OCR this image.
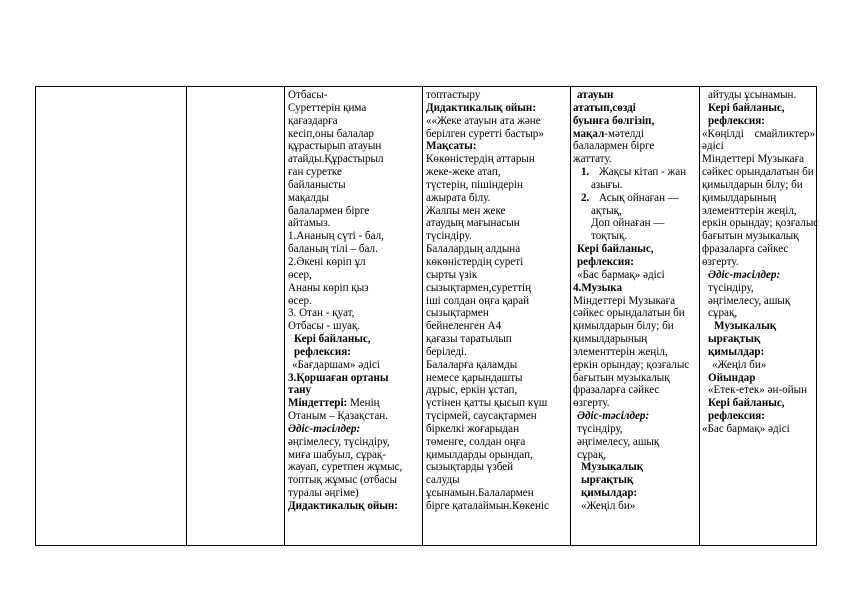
Отбасы-
Суреттерін қима
қағаздарға
кесіп,оны балалар
құрастырып атауын
атайды.Құрастырыл
ған суретке
байланысты
мақалды
балалармен бірге
айтамыз.
1.Ананың сүті - бал,
баланың тілі – бал.
2.Әкені көріп ұл
өсер,
Ананы көріп қыз
өсер.
3. Отан - қуат,
Отбасы - шуақ.
Кері байланыс,
рефлексия:
«Бағдаршам» әдісі
3.Қоршаған ортаны
тану
Міндеттері: Менің
Отаным – Қазақстан.
Әдіс-тәсілдер:
әңгімелесу, түсіндіру,
миға шабуыл, сұрақ-
жауап, суретпен жұмыс,
топтық жұмыс (отбасы
туралы әңгіме)
Дидактикалық ойын:
топтастыру
Дидактикалық ойын:
««Жеке атауын ата және
берілген суретті бастыр»
Мақсаты:
Көкөністердің аттарын
жеке-жеке атап,
түстерін, пішіндерін
ажырата білу.
Жалпы мен жеке
атаудың мағынасын
түсіндіру.
Балалардың алдына
көкөністердің суреті
сырты үзік
сызықтармен,суреттің
іші солдан оңға қарай
сызықтармен
бейнеленген А4
қағазы таратылып
беріледі.
Балаларға қаламды
немесе қарындашты
дұрыс, еркін ұстап,
үстінен қатты қысып күш
түсірмей, саусақтармен
біркелкі жоғарыдан
төменге, солдан оңға
қимылдарды орындап,
сызықтарды үзбей
салуды
ұсынамын.Балалармен
бірге қаталаймын.Көкеніс
атауын
ататып,сөзді
буынға бөлгізіп,
мақал-мәтелді
балалармен бірге
жаттату.
1. Жақсы кітап - жан
азығы.
2. Асық ойнаған —
ақтық,
Доп ойнаған —
тоқтық.
Кері байланыс,
рефлексия:
«Бас бармақ» әдісі
4.Музыка
Міндеттері Музыкаға
сәйкес орындалатын би
қимылдарын білу; би
қимылдарының
элементтерін жеңіл,
еркін орындау; қозғалыс
бағытын музыкалық
фразаларға сәйкес
өзгерту.
Әдіс-тәсілдер:
түсіндіру,
әңгімелесу, ашық
сұрақ,
Музыкалық
ырғақтық
қимылдар:
«Жеңіл би»
айтуды ұсынамын.
Кері байланыс,
рефлексия:
«Көңілді смайликтер»
әдісі
Міндеттері Музыкаға
сәйкес орындалатын би
қимылдарын білу; би
қимылдарының
элементтерін жеңіл,
еркін орындау; қозғалыс
бағытын музыкалық
фразаларға сәйкес
өзгерту.
Әдіс-тәсілдер:
түсіндіру,
әңгімелесу, ашық
сұрақ,
Музыкалық
ырғақтық
қимылдар:
«Жеңіл би»
Ойындар
«Етек-етек» ән-ойын
Кері байланыс,
рефлексия:
«Бас бармақ» әдісі
